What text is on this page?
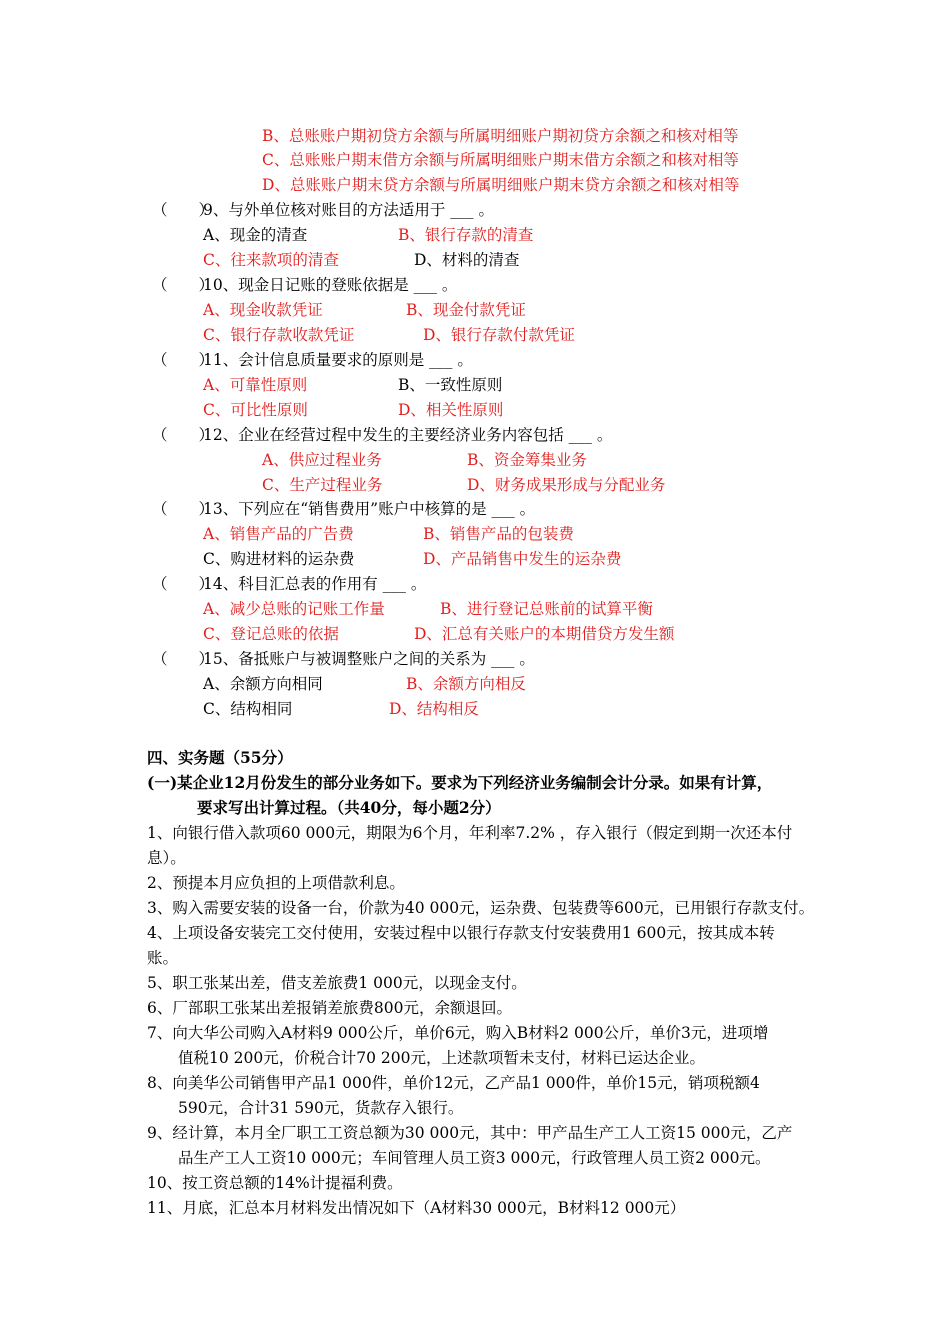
B、总账账户期初贷方余额与所属明细账户期初贷方余额之和核对相等
C、总账账户期末借方余额与所属明细账户期末借方余额之和核对相等
D、总账账户期末贷方余额与所属明细账户期末贷方余额之和核对相等
（　　）
9、与外单位核对账目的方法适用于 ___ 。
A、现金的清查	B、银行存款的清查
C、往来款项的清查	D、材料的清查
（　　）
10、现金日记账的登账依据是 ___ 。
A、现金收款凭证	B、现金付款凭证
C、银行存款收款凭证	D、银行存款付款凭证
（　　）
11、会计信息质量要求的原则是 ___ 。
A、可靠性原则	B、一致性原则
C、可比性原则	D、相关性原则
（　　）
12、企业在经营过程中发生的主要经济业务内容包括 ___ 。
A、供应过程业务	B、资金筹集业务
C、生产过程业务	D、财务成果形成与分配业务
（　　）
13、下列应在“销售费用”账户中核算的是 ___ 。
A、销售产品的广告费	B、销售产品的包装费
C、购进材料的运杂费	D、产品销售中发生的运杂费
（　　）
14、科目汇总表的作用有 ___ 。
A、减少总账的记账工作量	B、进行登记总账前的试算平衡
C、登记总账的依据	D、汇总有关账户的本期借贷方发生额
（　　）
15、备抵账户与被调整账户之间的关系为 ___ 。
A、余额方向相同	B、余额方向相反
C、结构相同	D、结构相反
四、实务题（55分）
(一)某企业12月份发生的部分业务如下。要求为下列经济业务编制会计分录。如果有计算，
要求写出计算过程。（共40分，每小题2分）
1、向银行借入款项60 000元，期限为6个月，年利率7.2% ，存入银行（假定到期一次还本付
息）。
2、预提本月应负担的上项借款利息。
3、购入需要安装的设备一台，价款为40 000元，运杂费、包装费等600元，已用银行存款支付。
4、上项设备安装完工交付使用，安装过程中以银行存款支付安装费用1 600元，按其成本转
账。
5、职工张某出差，借支差旅费1 000元，以现金支付。
6、厂部职工张某出差报销差旅费800元，余额退回。
7、向大华公司购入A材料9 000公斤，单价6元，购入B材料2 000公斤，单价3元，进项增
值税10 200元，价税合计70 200元，上述款项暂未支付，材料已运达企业。
8、向美华公司销售甲产品1 000件，单价12元，乙产品1 000件，单价15元，销项税额4
590元，合计31 590元，货款存入银行。
9、经计算，本月全厂职工工资总额为30 000元，其中：甲产品生产工人工资15 000元，乙产
品生产工人工资10 000元；车间管理人员工资3 000元，行政管理人员工资2 000元。
10、按工资总额的14%计提福利费。
11、月底，汇总本月材料发出情况如下（A材料30 000元，B材料12 000元）
